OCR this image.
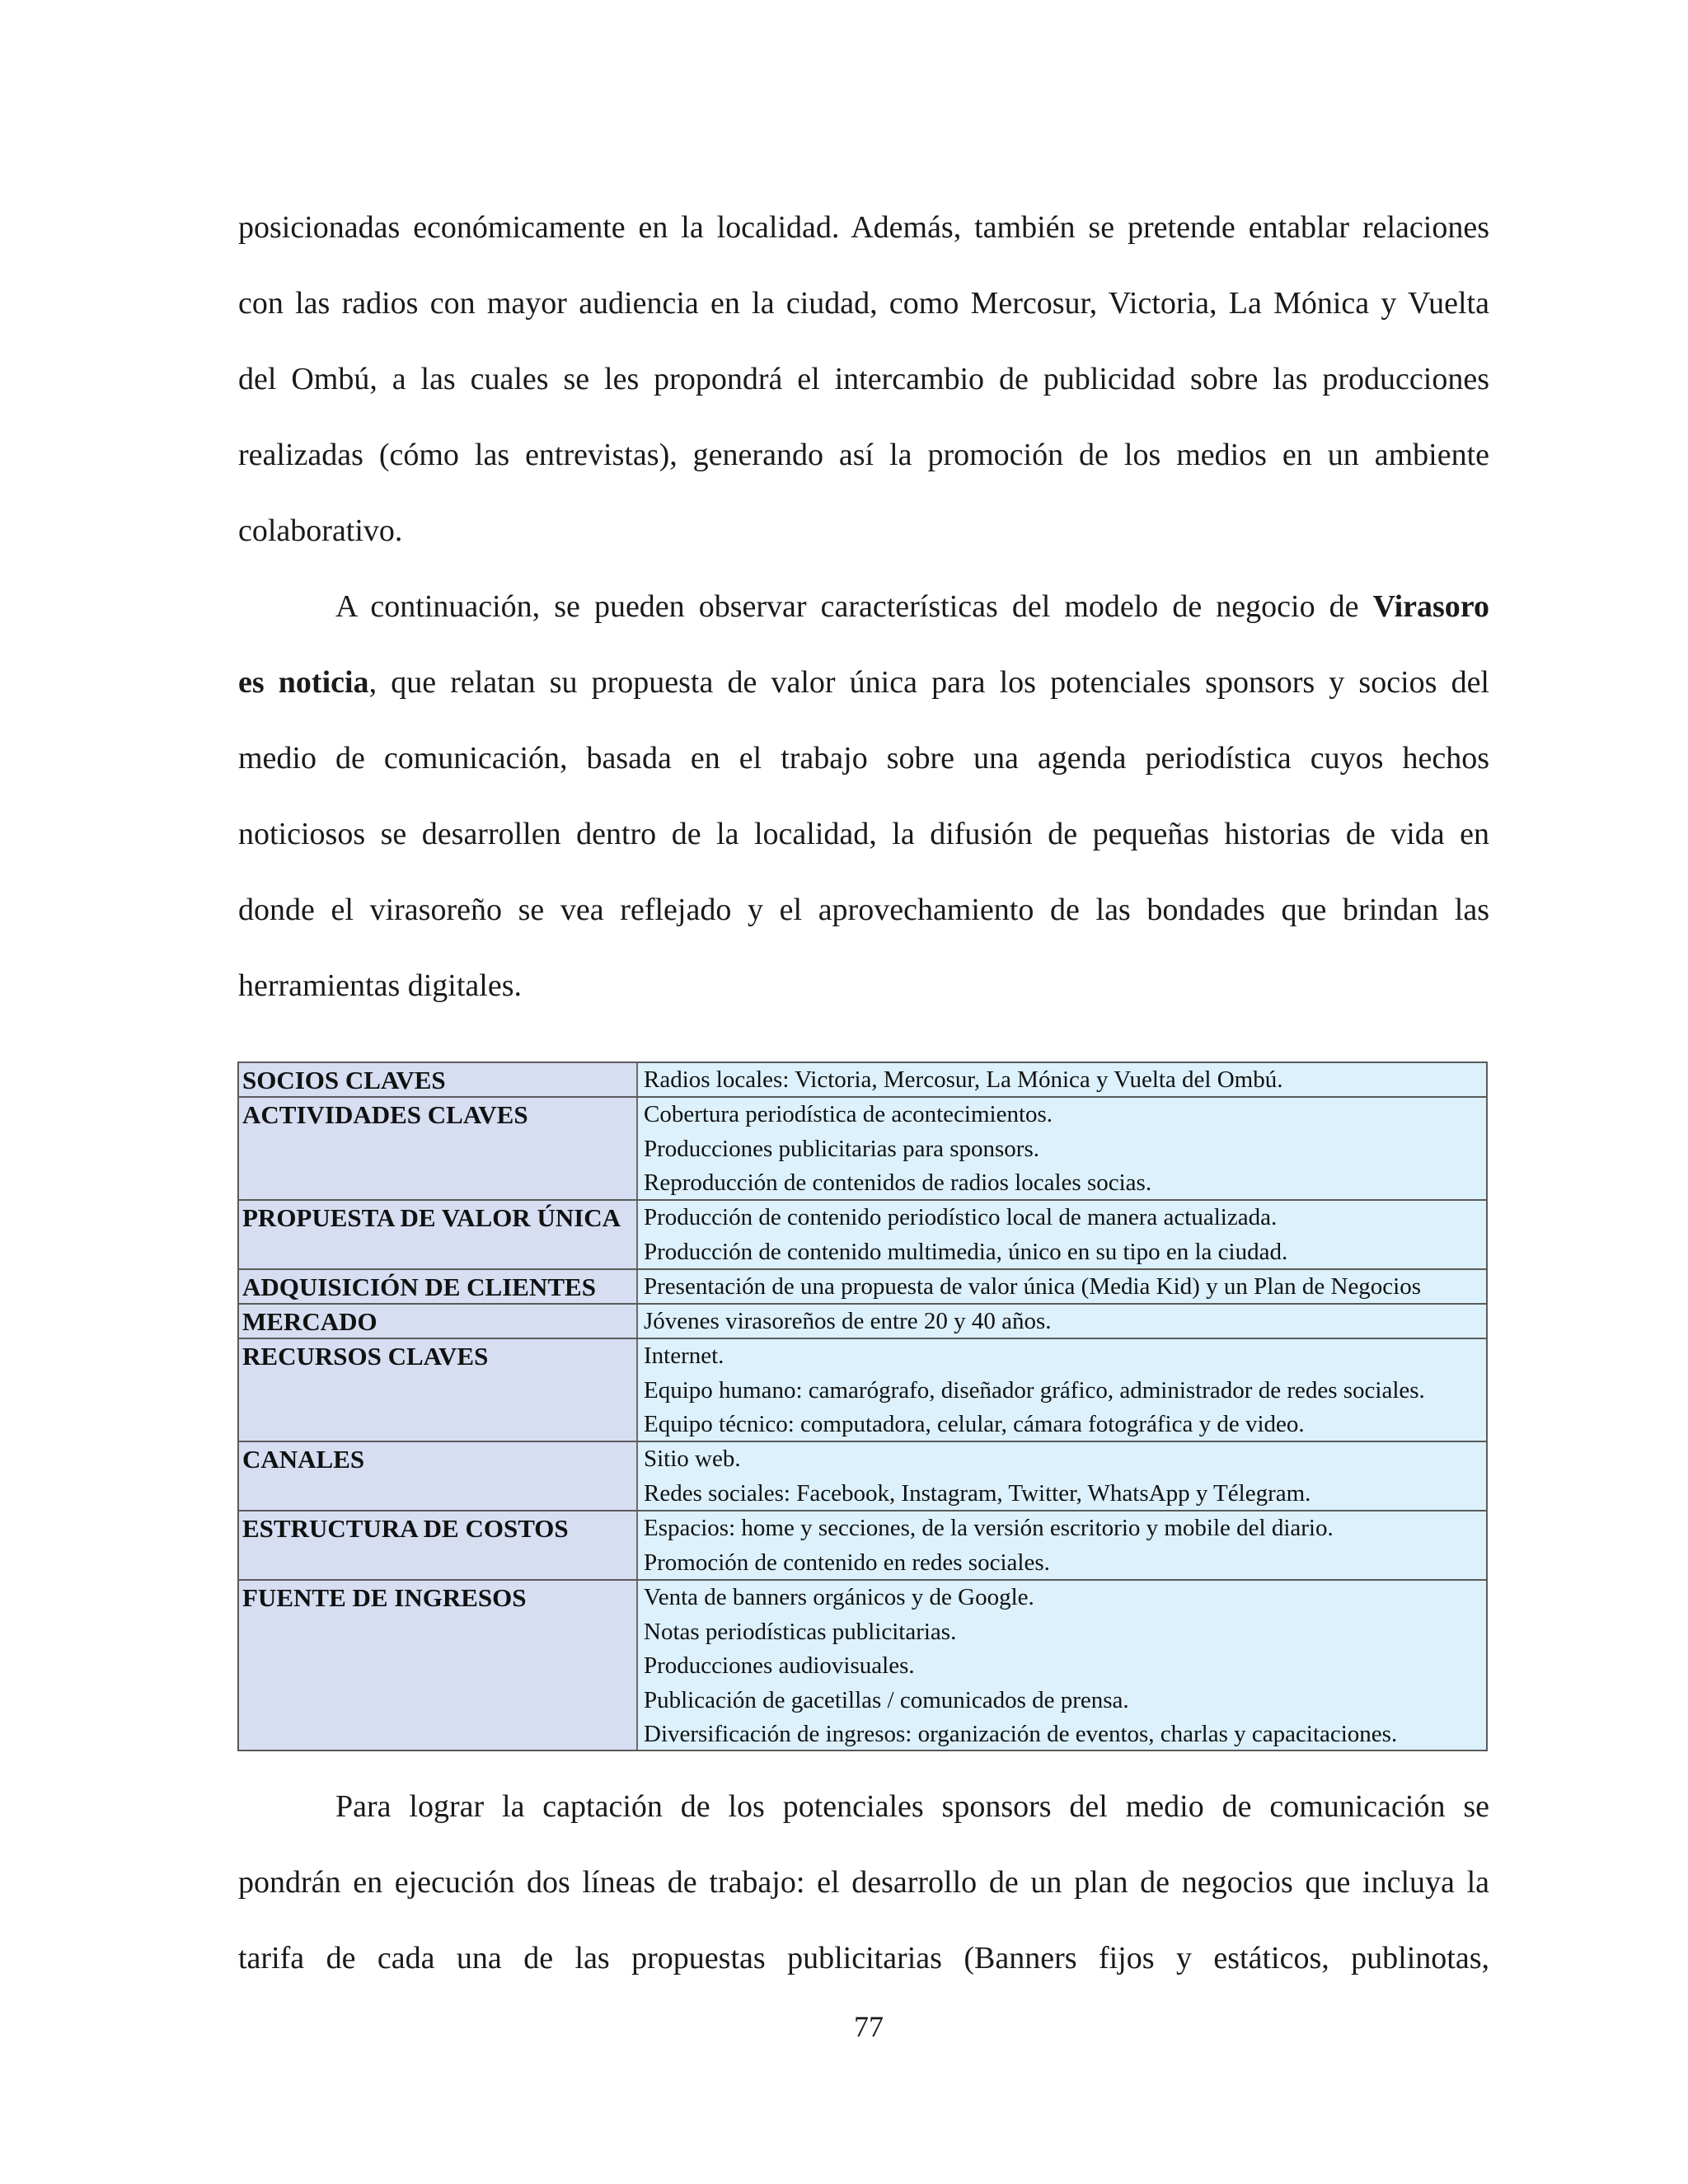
posicionadas económicamente en la localidad. Además, también se pretende entablar relaciones
con las radios con mayor audiencia en la ciudad, como Mercosur, Victoria, La Mónica y Vuelta
del Ombú, a las cuales se les propondrá el intercambio de publicidad sobre las producciones
realizadas (cómo las entrevistas), generando así la promoción de los medios en un ambiente
colaborativo.
A continuación, se pueden observar características del modelo de negocio de Virasoro
es noticia, que relatan su propuesta de valor única para los potenciales sponsors y socios del
medio de comunicación, basada en el trabajo sobre una agenda periodística cuyos hechos
noticiosos se desarrollen dentro de la localidad, la difusión de pequeñas historias de vida en
donde el virasoreño se vea reflejado y el aprovechamiento de las bondades que brindan las
herramientas digitales.
SOCIOS CLAVES	Radios locales: Victoria, Mercosur, La Mónica y Vuelta del Ombú.
ACTIVIDADES CLAVES	Cobertura periodística de acontecimientos.
Producciones publicitarias para sponsors.
Reproducción de contenidos de radios locales socias.
PROPUESTA DE VALOR ÚNICA Producción de contenido periodístico local de manera actualizada.
Producción de contenido multimedia, único en su tipo en la ciudad.
ADQUISICIÓN DE CLIENTES	Presentación de una propuesta de valor única (Media Kid) y un Plan de Negocios
MERCADO	Jóvenes virasoreños de entre 20 y 40 años.
RECURSOS CLAVES	Internet.
Equipo humano: camarógrafo, diseñador gráfico, administrador de redes sociales.
Equipo técnico: computadora, celular, cámara fotográfica y de video.
CANALES	Sitio web.
Redes sociales: Facebook, Instagram, Twitter, WhatsApp y Télegram.
ESTRUCTURA DE COSTOS	Espacios: home y secciones, de la versión escritorio y mobile del diario.
Promoción de contenido en redes sociales.
FUENTE DE INGRESOS	Venta de banners orgánicos y de Google.
Notas periodísticas publicitarias.
Producciones audiovisuales.
Publicación de gacetillas / comunicados de prensa.
Diversificación de ingresos: organización de eventos, charlas y capacitaciones.
Para lograr la captación de los potenciales sponsors del medio de comunicación se
pondrán en ejecución dos líneas de trabajo: el desarrollo de un plan de negocios que incluya la
tarifa de cada una de las propuestas publicitarias (Banners fijos y estáticos, publinotas,
77
